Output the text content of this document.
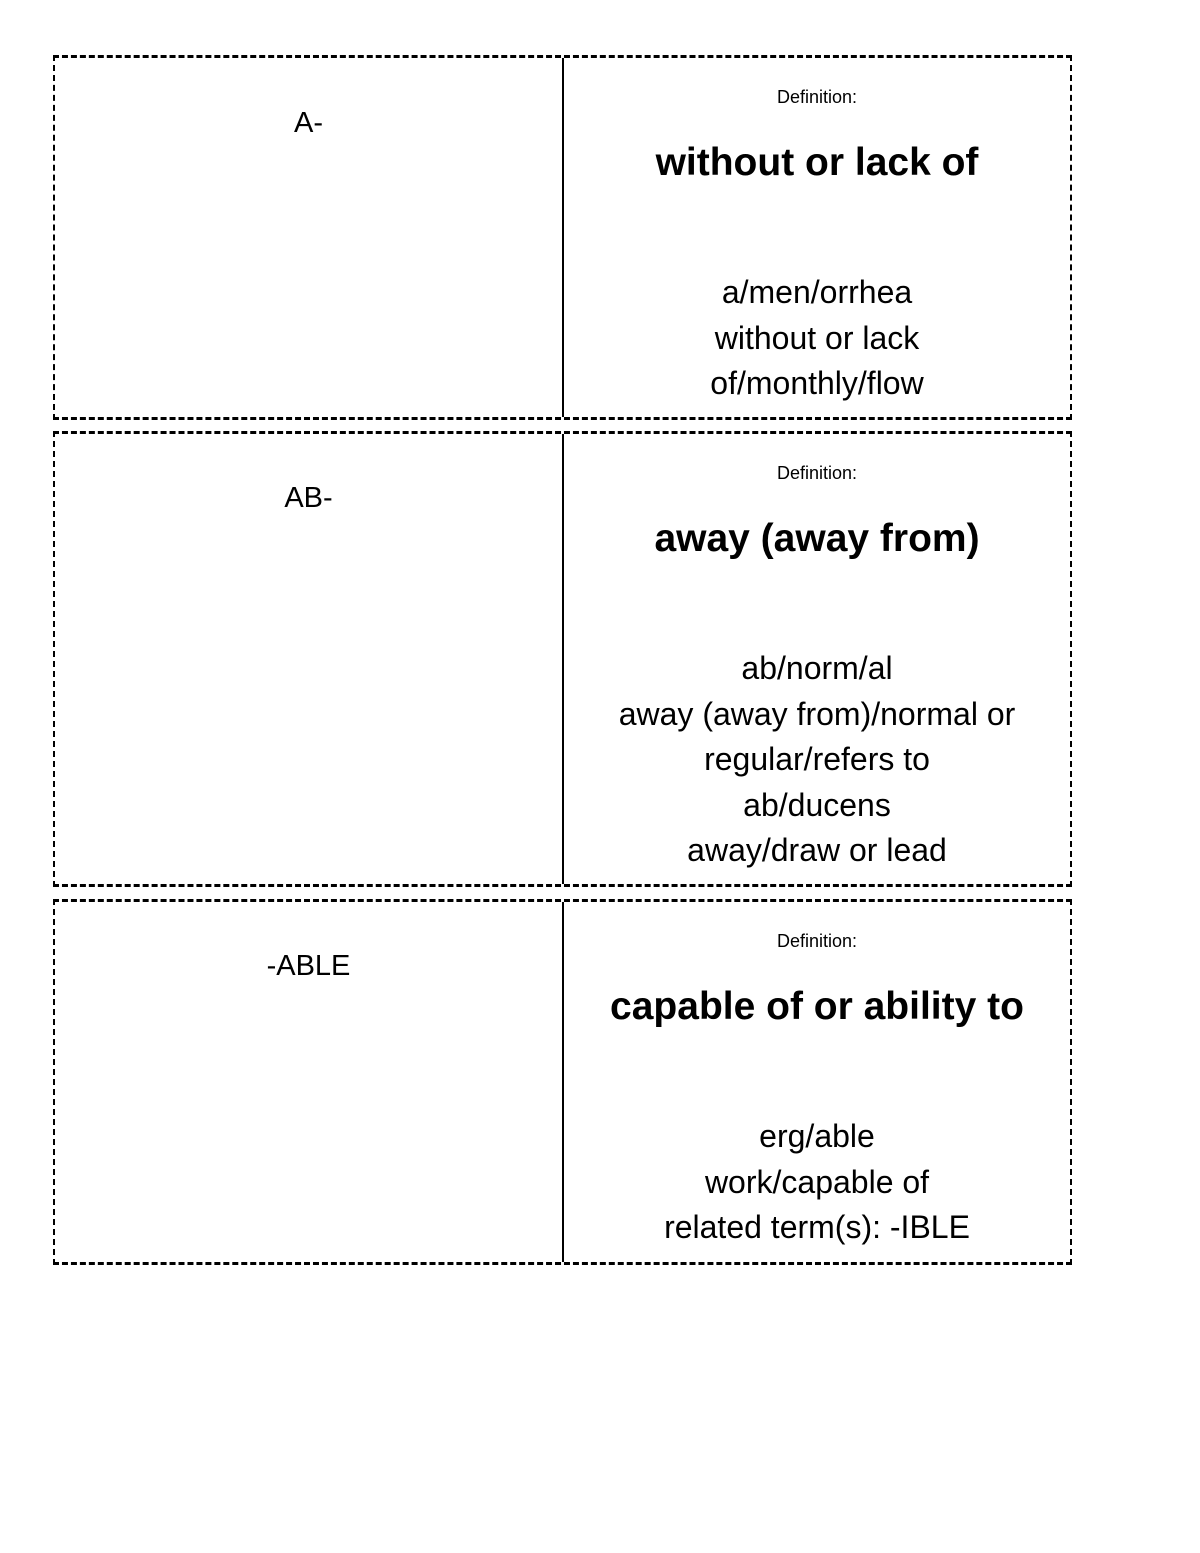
A-
Definition:
without or lack of
a/men/orrhea
without or lack
of/monthly/flow
AB-
Definition:
away (away from)
ab/norm/al
away (away from)/normal or
regular/refers to
ab/ducens
away/draw or lead
-ABLE
Definition:
capable of or ability to
erg/able
work/capable of
related term(s): -IBLE
